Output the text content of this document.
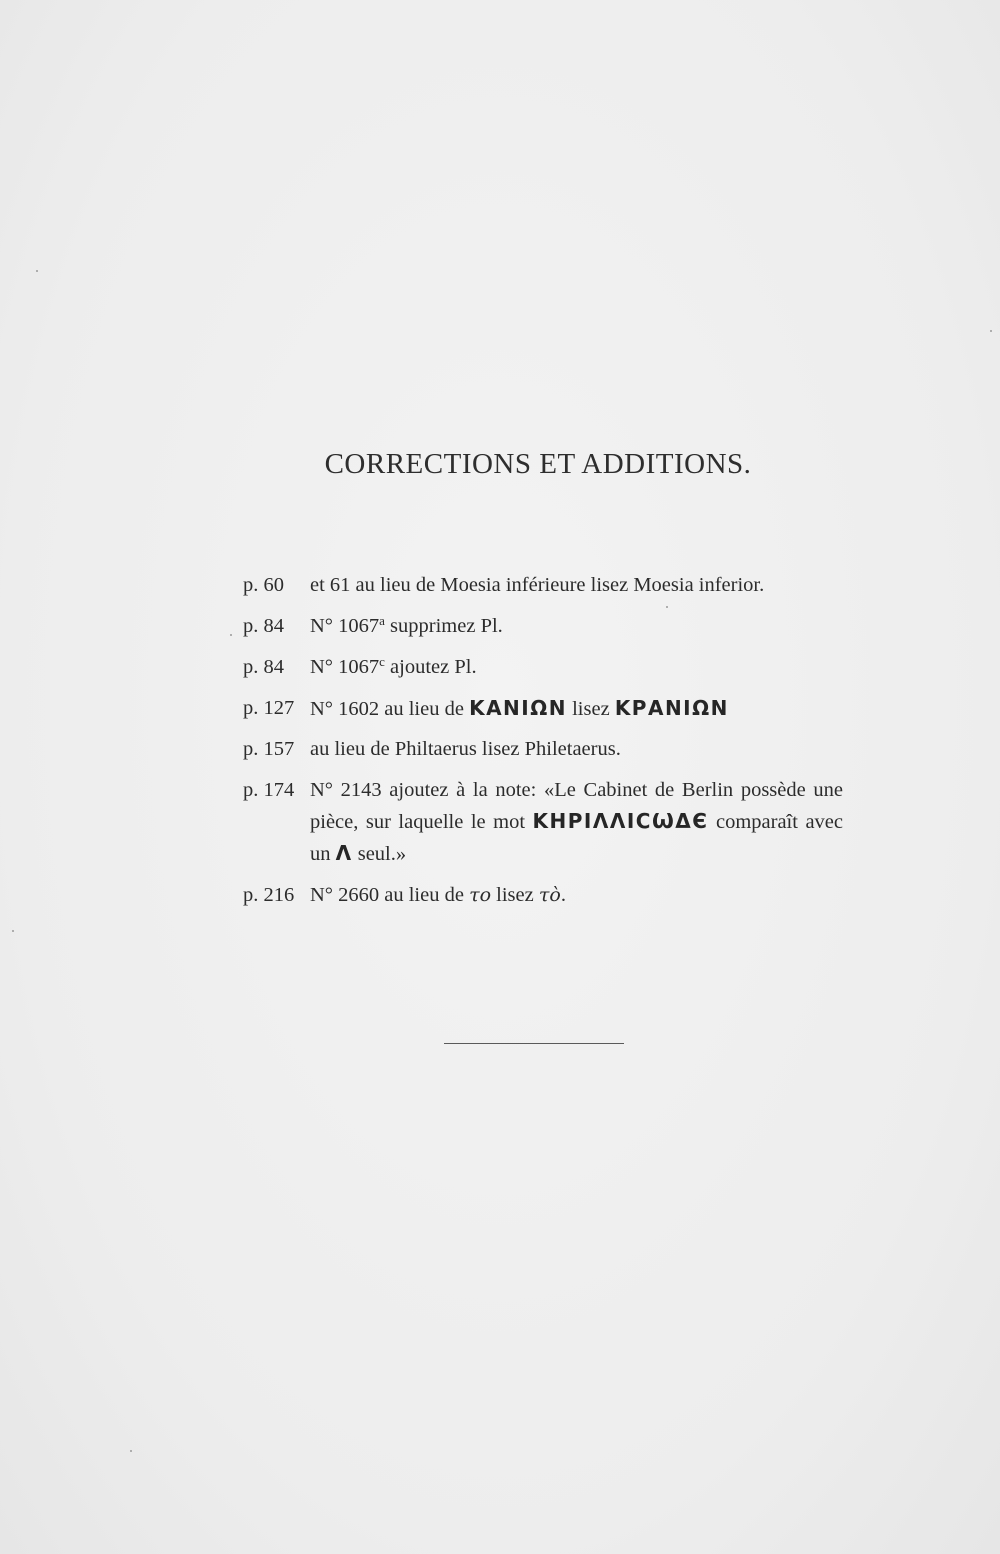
CORRECTIONS ET ADDITIONS.
p. 60	et 61 au lieu de Moesia inférieure lisez Moesia inferior.
p. 84	N° 1067$^a$ supprimez Pl.
p. 84	N° 1067$^c$ ajoutez Pl.
p. 127 N° 1602 au lieu de ΚΑΝΙΩΝ lisez ΚΡΑΝΙΩΝ
p. 157 au lieu de Philtaerus lisez Philetaerus.
p. 174 N° 2143 ajoutez à la note: «Le Cabinet de Berlin possède une pièce, sur laquelle le mot ΚΗΡΙΛΛΙϹѠΔЄ comparaît avec un Λ seul.»
p. 216 N° 2660 au lieu de το lisez τὸ.
